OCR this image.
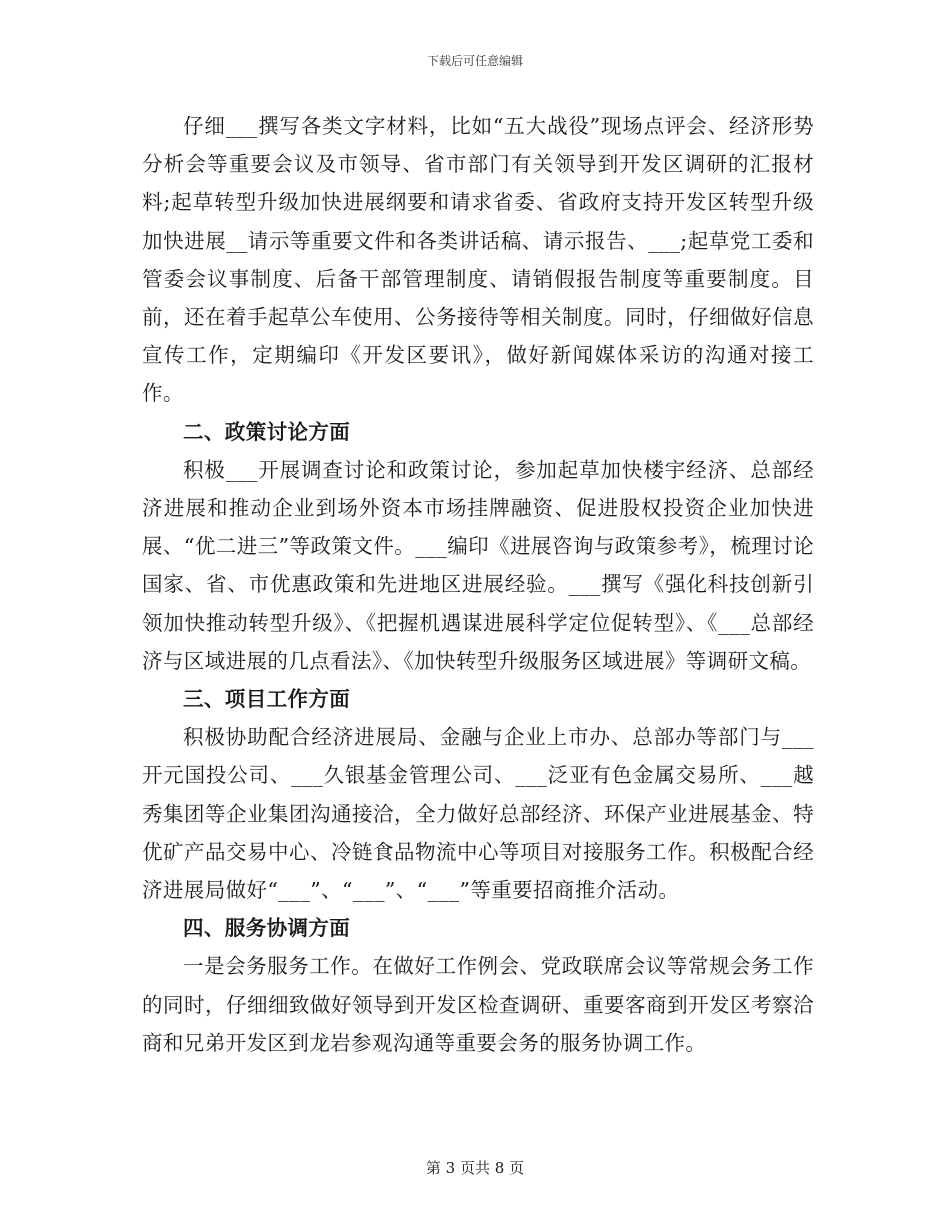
下载后可任意编辑

仔细___撰写各类文字材料，比如“五大战役”现场点评会、经济形势分析会等重要会议及市领导、省市部门有关领导到开发区调研的汇报材料;起草转型升级加快进展纲要和请求省委、省政府支持开发区转型升级加快进展__请示等重要文件和各类讲话稿、请示报告、___;起草党工委和管委会议事制度、后备干部管理制度、请销假报告制度等重要制度。目前，还在着手起草公车使用、公务接待等相关制度。同时，仔细做好信息宣传工作，定期编印《开发区要讯》，做好新闻媒体采访的沟通对接工作。

二、政策讨论方面

积极___开展调查讨论和政策讨论，参加起草加快楼宇经济、总部经济进展和推动企业到场外资本市场挂牌融资、促进股权投资企业加快进展、“优二进三”等政策文件。___编印《进展咨询与政策参考》，梳理讨论国家、省、市优惠政策和先进地区进展经验。___撰写《强化科技创新引领加快推动转型升级》、《把握机遇谋进展科学定位促转型》、《___总部经济与区域进展的几点看法》、《加快转型升级服务区域进展》等调研文稿。

三、项目工作方面

积极协助配合经济进展局、金融与企业上市办、总部办等部门与___开元国投公司、___久银基金管理公司、___泛亚有色金属交易所、___越秀集团等企业集团沟通接洽，全力做好总部经济、环保产业进展基金、特优矿产品交易中心、冷链食品物流中心等项目对接服务工作。积极配合经济进展局做好“___”、“___”、“___”等重要招商推介活动。

四、服务协调方面

一是会务服务工作。在做好工作例会、党政联席会议等常规会务工作的同时，仔细细致做好领导到开发区检查调研、重要客商到开发区考察洽商和兄弟开发区到龙岩参观沟通等重要会务的服务协调工作。

第 3 页共 8 页
